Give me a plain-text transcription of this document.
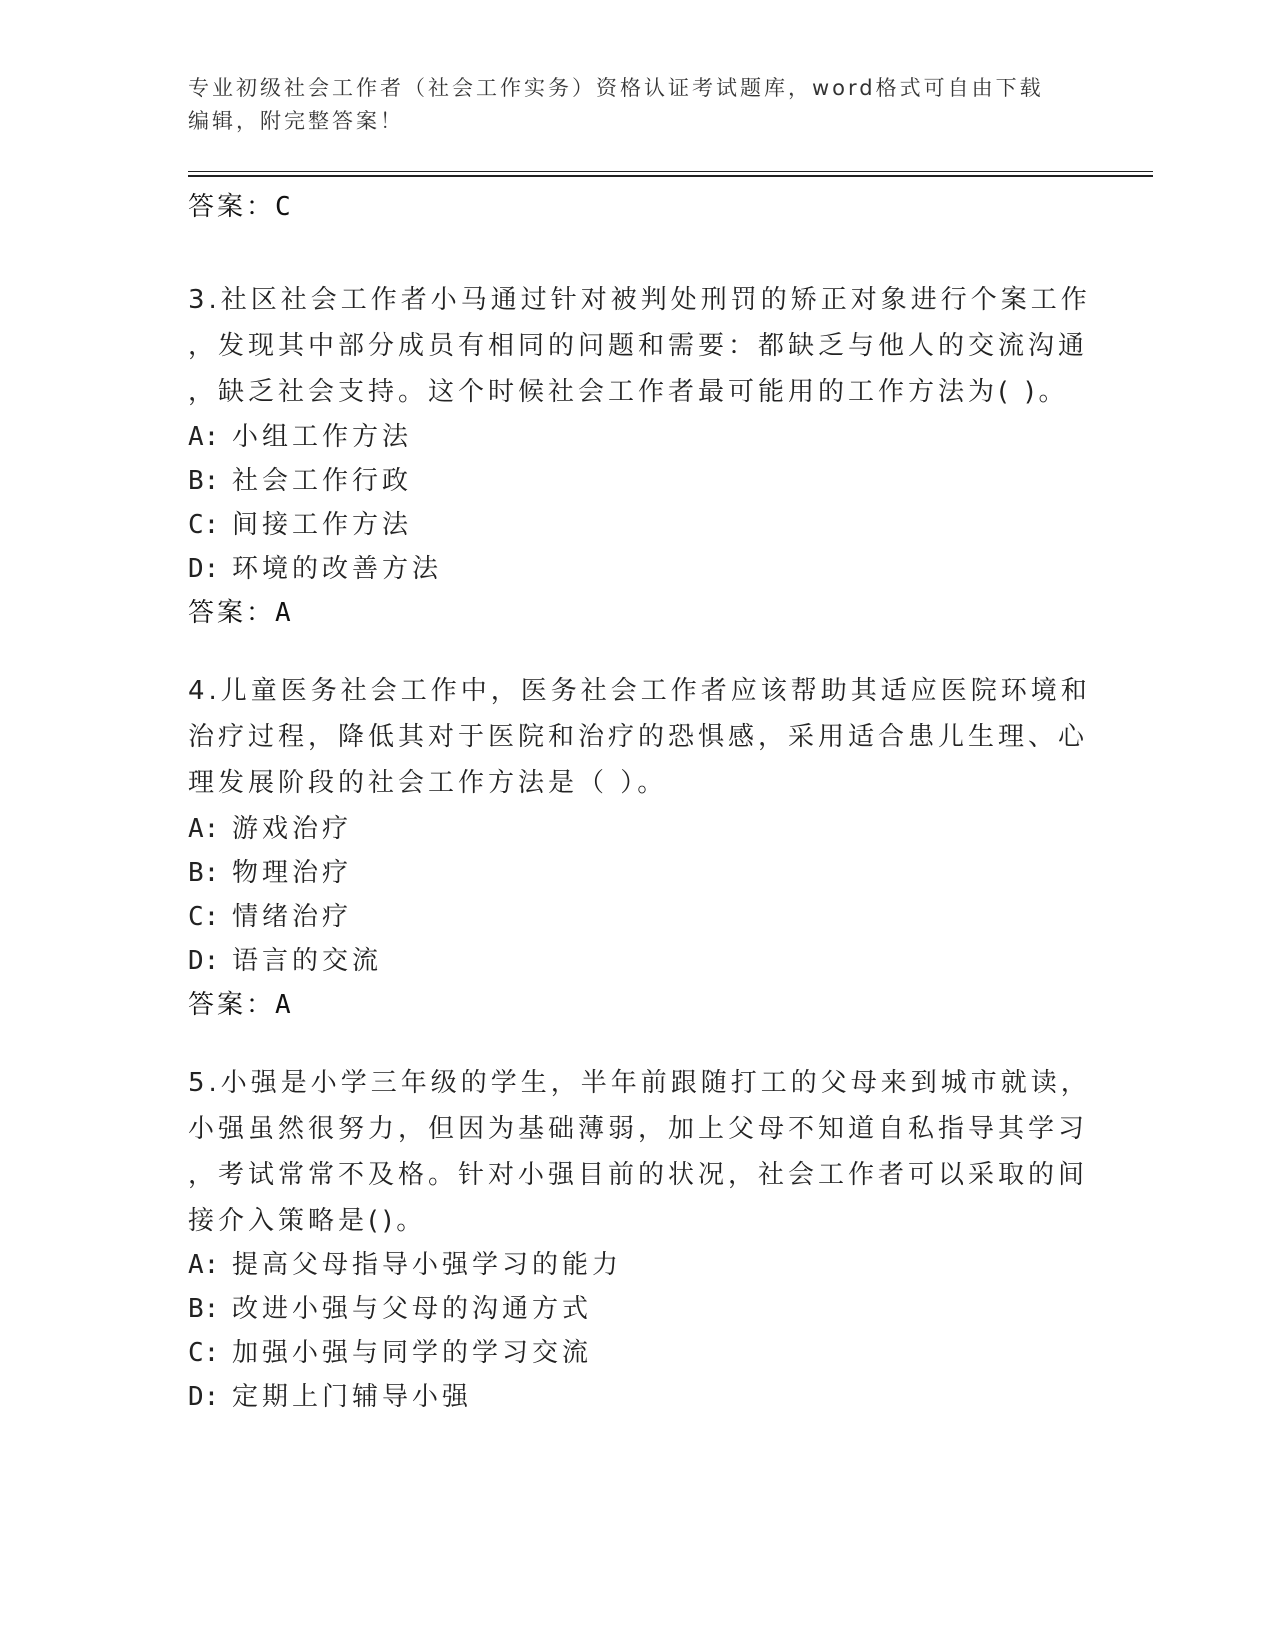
专业初级社会工作者（社会工作实务）资格认证考试题库，word格式可自由下载
编辑，附完整答案！
答案：C
3.社区社会工作者小马通过针对被判处刑罚的矫正对象进行个案工作
，发现其中部分成员有相同的问题和需要：都缺乏与他人的交流沟通
，缺乏社会支持。这个时候社会工作者最可能用的工作方法为( )。
A: 小组工作方法
B: 社会工作行政
C: 间接工作方法
D: 环境的改善方法
答案：A
4.儿童医务社会工作中，医务社会工作者应该帮助其适应医院环境和
治疗过程，降低其对于医院和治疗的恐惧感，采用适合患儿生理、心
理发展阶段的社会工作方法是（ ）。
A: 游戏治疗
B: 物理治疗
C: 情绪治疗
D: 语言的交流
答案：A
5.小强是小学三年级的学生，半年前跟随打工的父母来到城市就读，
小强虽然很努力，但因为基础薄弱，加上父母不知道自私指导其学习
，考试常常不及格。针对小强目前的状况，社会工作者可以采取的间
接介入策略是()。
A: 提高父母指导小强学习的能力
B: 改进小强与父母的沟通方式
C: 加强小强与同学的学习交流
D: 定期上门辅导小强
